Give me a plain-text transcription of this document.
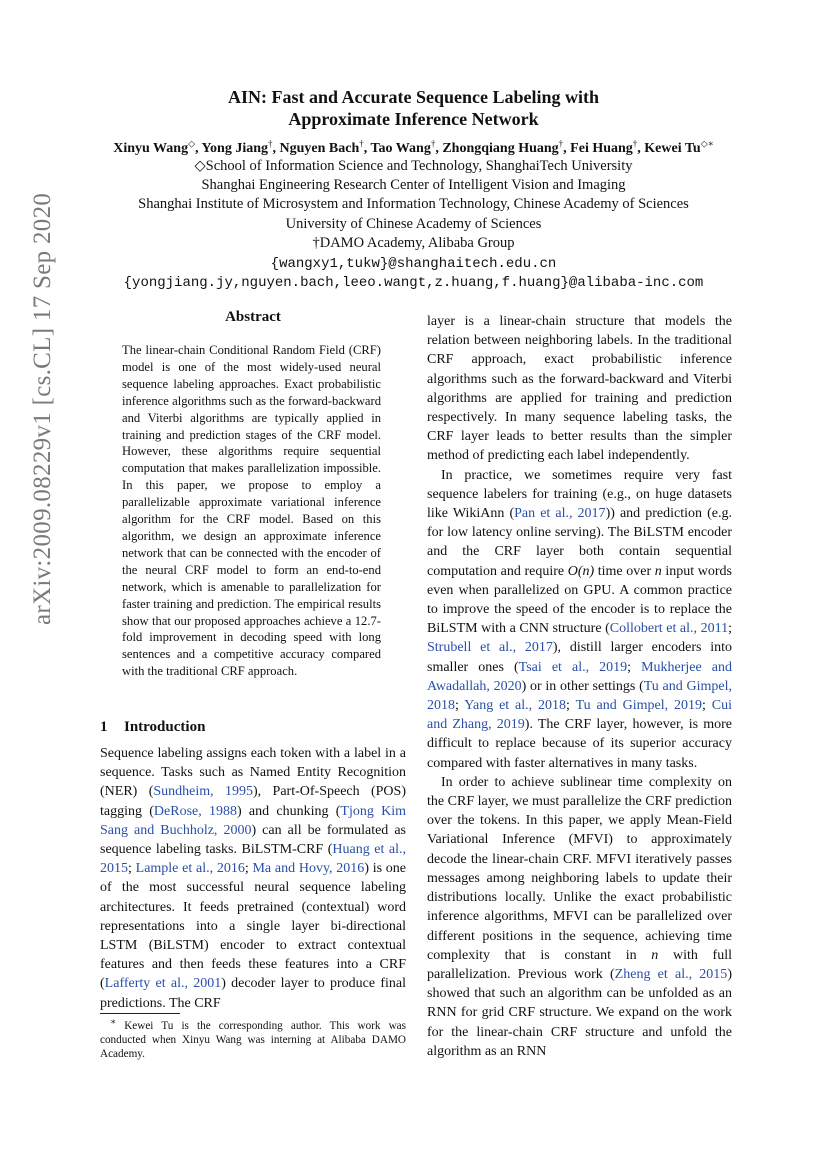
arXiv:2009.08229v1 [cs.CL] 17 Sep 2020
AIN: Fast and Accurate Sequence Labeling with
Approximate Inference Network
Xinyu Wang◇, Yong Jiang†, Nguyen Bach†, Tao Wang†, Zhongqiang Huang†, Fei Huang†, Kewei Tu◇∗
◇School of Information Science and Technology, ShanghaiTech University
Shanghai Engineering Research Center of Intelligent Vision and Imaging
Shanghai Institute of Microsystem and Information Technology, Chinese Academy of Sciences
University of Chinese Academy of Sciences
†DAMO Academy, Alibaba Group
{wangxy1,tukw}@shanghaitech.edu.cn
{yongjiang.jy,nguyen.bach,leeo.wangt,z.huang,f.huang}@alibaba-inc.com
Abstract

The linear-chain Conditional Random Field (CRF) model is one of the most widely-used neural sequence labeling approaches. Exact probabilistic inference algorithms such as the forward-backward and Viterbi algorithms are typically applied in training and prediction stages of the CRF model. However, these algorithms require sequential computation that makes parallelization impossible. In this paper, we propose to employ a parallelizable approximate variational inference algorithm for the CRF model. Based on this algorithm, we design an approximate inference network that can be connected with the encoder of the neural CRF model to form an end-to-end network, which is amenable to parallelization for faster training and prediction. The empirical results show that our proposed approaches achieve a 12.7-fold improvement in decoding speed with long sentences and a competitive accuracy compared with the traditional CRF approach.

1 Introduction

Sequence labeling assigns each token with a label in a sequence. Tasks such as Named Entity Recognition (NER) (Sundheim, 1995), Part-Of-Speech (POS) tagging (DeRose, 1988) and chunking (Tjong Kim Sang and Buchholz, 2000) can all be formulated as sequence labeling tasks. BiLSTM-CRF (Huang et al., 2015; Lample et al., 2016; Ma and Hovy, 2016) is one of the most successful neural sequence labeling architectures. It feeds pretrained (contextual) word representations into a single layer bi-directional LSTM (BiLSTM) encoder to extract contextual features and then feeds these features into a CRF (Lafferty et al., 2001) decoder layer to produce final predictions. The CRF

∗ Kewei Tu is the corresponding author. This work was conducted when Xinyu Wang was interning at Alibaba DAMO Academy.

layer is a linear-chain structure that models the relation between neighboring labels. In the traditional CRF approach, exact probabilistic inference algorithms such as the forward-backward and Viterbi algorithms are applied for training and prediction respectively. In many sequence labeling tasks, the CRF layer leads to better results than the simpler method of predicting each label independently.

In practice, we sometimes require very fast sequence labelers for training (e.g., on huge datasets like WikiAnn (Pan et al., 2017)) and prediction (e.g. for low latency online serving). The BiLSTM encoder and the CRF layer both contain sequential computation and require O(n) time over n input words even when parallelized on GPU. A common practice to improve the speed of the encoder is to replace the BiLSTM with a CNN structure (Collobert et al., 2011; Strubell et al., 2017), distill larger encoders into smaller ones (Tsai et al., 2019; Mukherjee and Awadallah, 2020) or in other settings (Tu and Gimpel, 2018; Yang et al., 2018; Tu and Gimpel, 2019; Cui and Zhang, 2019). The CRF layer, however, is more difficult to replace because of its superior accuracy compared with faster alternatives in many tasks.

In order to achieve sublinear time complexity on the CRF layer, we must parallelize the CRF prediction over the tokens. In this paper, we apply Mean-Field Variational Inference (MFVI) to approximately decode the linear-chain CRF. MFVI iteratively passes messages among neighboring labels to update their distributions locally. Unlike the exact probabilistic inference algorithms, MFVI can be parallelized over different positions in the sequence, achieving time complexity that is constant in n with full parallelization. Previous work (Zheng et al., 2015) showed that such an algorithm can be unfolded as an RNN for grid CRF structure. We expand on the work for the linear-chain CRF structure and unfold the algorithm as an RNN
